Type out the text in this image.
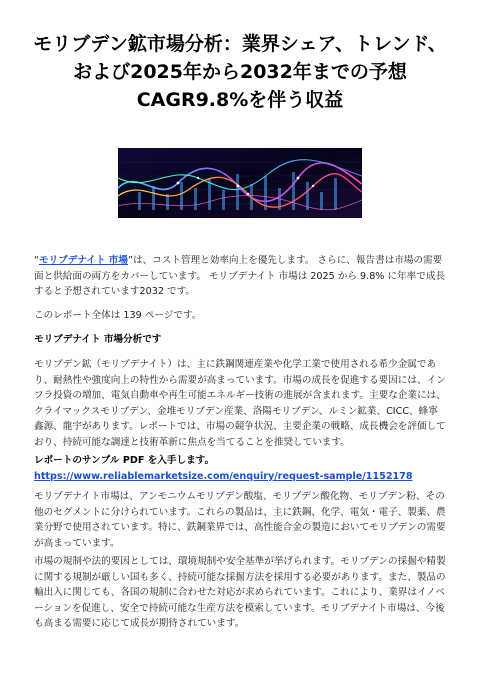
モリブデン鉱市場分析：業界シェア、トレンド、および2025年から2032年までの予想CAGR9.8%を伴う収益

“モリブデナイト 市場”は、コスト管理と効率向上を優先します。 さらに、報告書は市場の需要面と供給面の両方をカバーしています。 モリブデナイト 市場は 2025 から 9.8% に年率で成長すると予想されています2032 です。

このレポート全体は 139 ページです。

モリブデナイト 市場分析です

モリブデン鉱（モリブデナイト）は、主に鉄鋼関連産業や化学工業で使用される希少金属であり、耐熱性や強度向上の特性から需要が高まっています。市場の成長を促進する要因には、インフラ投資の増加、電気自動車や再生可能エネルギー技術の進展が含まれます。主要な企業には、クライマックスモリブデン、金堆モリブデン産業、洛陽モリブデン、ルミン鉱業、CICC、蜂寧鑫源、龍宇があります。レポートでは、市場の競争状況、主要企業の戦略、成長機会を評価しており、持続可能な調達と技術革新に焦点を当てることを推奨しています。

レポートのサンプル PDF を入手します。 https://www.reliablemarketsize.com/enquiry/request-sample/1152178

モリブデナイト市場は、アンモニウムモリブデン酸塩、モリブデン酸化物、モリブデン粉、その他のセグメントに分けられています。これらの製品は、主に鉄鋼、化学、電気・電子、製薬、農業分野で使用されています。特に、鉄鋼業界では、高性能合金の製造においてモリブデンの需要が高まっています。

市場の規制や法的要因としては、環境規制や安全基準が挙げられます。モリブデンの採掘や精製に関する規制が厳しい国も多く、持続可能な採掘方法を採用する必要があります。また、製品の輸出入に関しても、各国の規制に合わせた対応が求められています。これにより、業界はイノベーションを促進し、安全で持続可能な生産方法を模索しています。モリブデナイト市場は、今後も高まる需要に応じて成長が期待されています。
